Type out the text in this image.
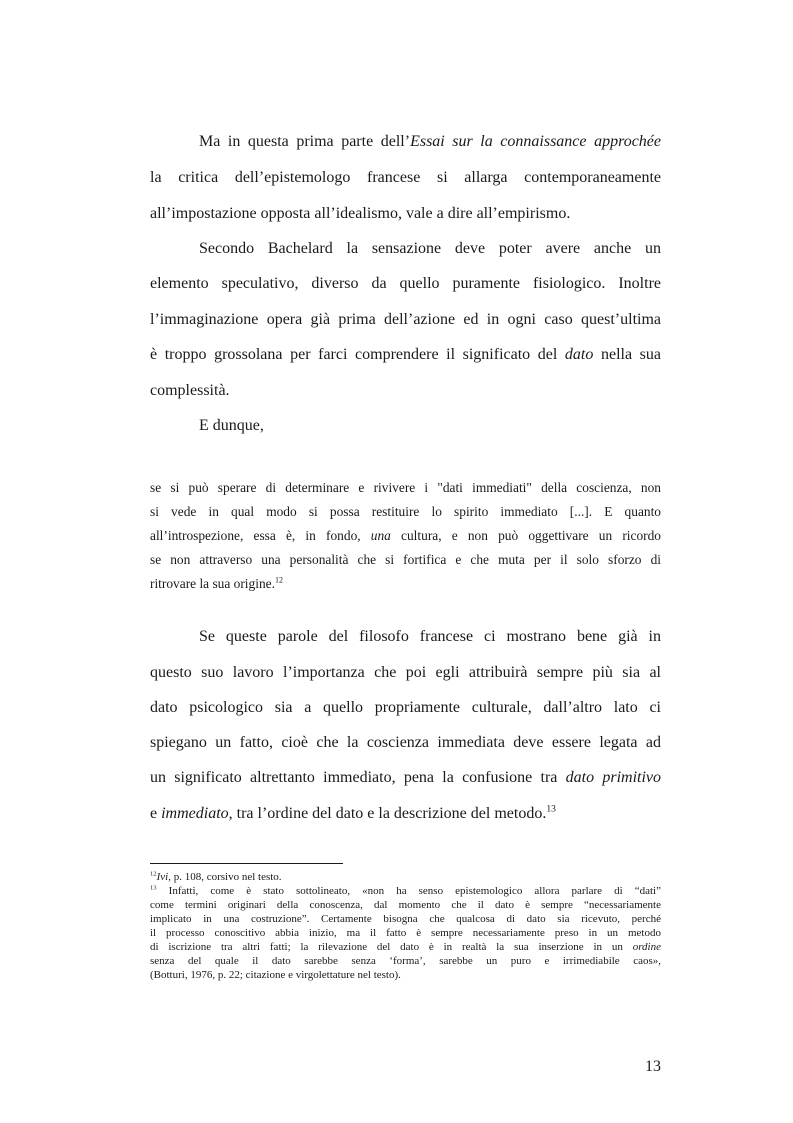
Ma in questa prima parte dell’Essai sur la connaissance approchée
la critica dell’epistemologo francese si allarga contemporaneamente
all’impostazione opposta all’idealismo, vale a dire all’empirismo.
Secondo Bachelard la sensazione deve poter avere anche un
elemento speculativo, diverso da quello puramente fisiologico. Inoltre
l’immaginazione opera già prima dell’azione ed in ogni caso quest’ultima
è troppo grossolana per farci comprendere il significato del dato nella sua
complessità.
E dunque,
se si può sperare di determinare e rivivere i "dati immediati" della coscienza, non
si vede in qual modo si possa restituire lo spirito immediato [...]. E quanto
all’introspezione, essa è, in fondo, una cultura, e non può oggettivare un ricordo
se non attraverso una personalità che si fortifica e che muta per il solo sforzo di
ritrovare la sua origine.$^{12}$
Se queste parole del filosofo francese ci mostrano bene già in
questo suo lavoro l’importanza che poi egli attribuirà sempre più sia al
dato psicologico sia a quello propriamente culturale, dall’altro lato ci
spiegano un fatto, cioè che la coscienza immediata deve essere legata ad
un significato altrettanto immediato, pena la confusione tra dato primitivo
e immediato, tra l’ordine del dato e la descrizione del metodo.$^{13}$
$^{12}$Ivi, p. 108, corsivo nel testo.
$^{13}$ Infatti, come è stato sottolineato, «non ha senso epistemologico allora parlare di “dati”
come termini originari della conoscenza, dal momento che il dato è sempre “necessariamente
implicato in una costruzione”. Certamente bisogna che qualcosa di dato sia ricevuto, perché
il processo conoscitivo abbia inizio, ma il fatto è sempre necessariamente preso in un metodo
di iscrizione tra altri fatti; la rilevazione del dato è in realtà la sua inserzione in un ordine
senza del quale il dato sarebbe senza ‘forma’, sarebbe un puro e irrimediabile caos»,
(Botturi, 1976, p. 22; citazione e virgolettature nel testo).
13
